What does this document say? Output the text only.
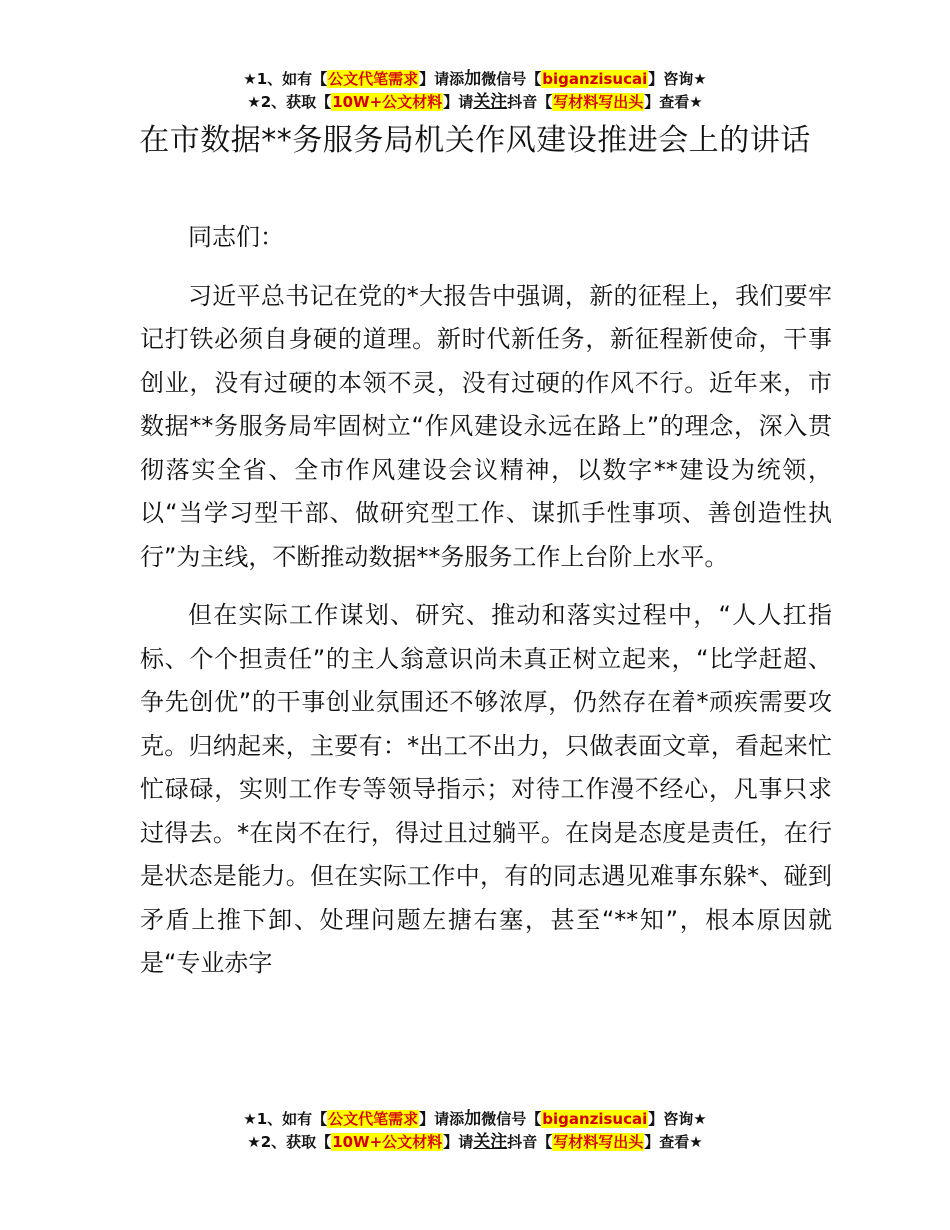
★1、如有【公文代笔需求】请添加微信号【biganzisucai】咨询★
★2、获取【10W+公文材料】请关注抖音【写材料写出头】查看★
在市数据**务服务局机关作风建设推进会上的讲话

同志们：

习近平总书记在党的*大报告中强调，新的征程上，我们要牢记打铁必须自身硬的道理。新时代新任务，新征程新使命，干事创业，没有过硬的本领不灵，没有过硬的作风不行。近年来，市数据**务服务局牢固树立“作风建设永远在路上”的理念，深入贯彻落实全省、全市作风建设会议精神，以数字**建设为统领，以“当学习型干部、做研究型工作、谋抓手性事项、善创造性执行”为主线，不断推动数据**务服务工作上台阶上水平。

但在实际工作谋划、研究、推动和落实过程中，“人人扛指标、个个担责任”的主人翁意识尚未真正树立起来，“比学赶超、争先创优”的干事创业氛围还不够浓厚，仍然存在着*顽疾需要攻克。归纳起来，主要有：*出工不出力，只做表面文章，看起来忙忙碌碌，实则工作专等领导指示；对待工作漫不经心，凡事只求过得去。*在岗不在行，得过且过躺平。在岗是态度是责任，在行是状态是能力。但在实际工作中，有的同志遇见难事东躲*、碰到矛盾上推下卸、处理问题左搪右塞，甚至“**知”，根本原因就是“专业赤字

★1、如有【公文代笔需求】请添加微信号【biganzisucai】咨询★
★2、获取【10W+公文材料】请关注抖音【写材料写出头】查看★
